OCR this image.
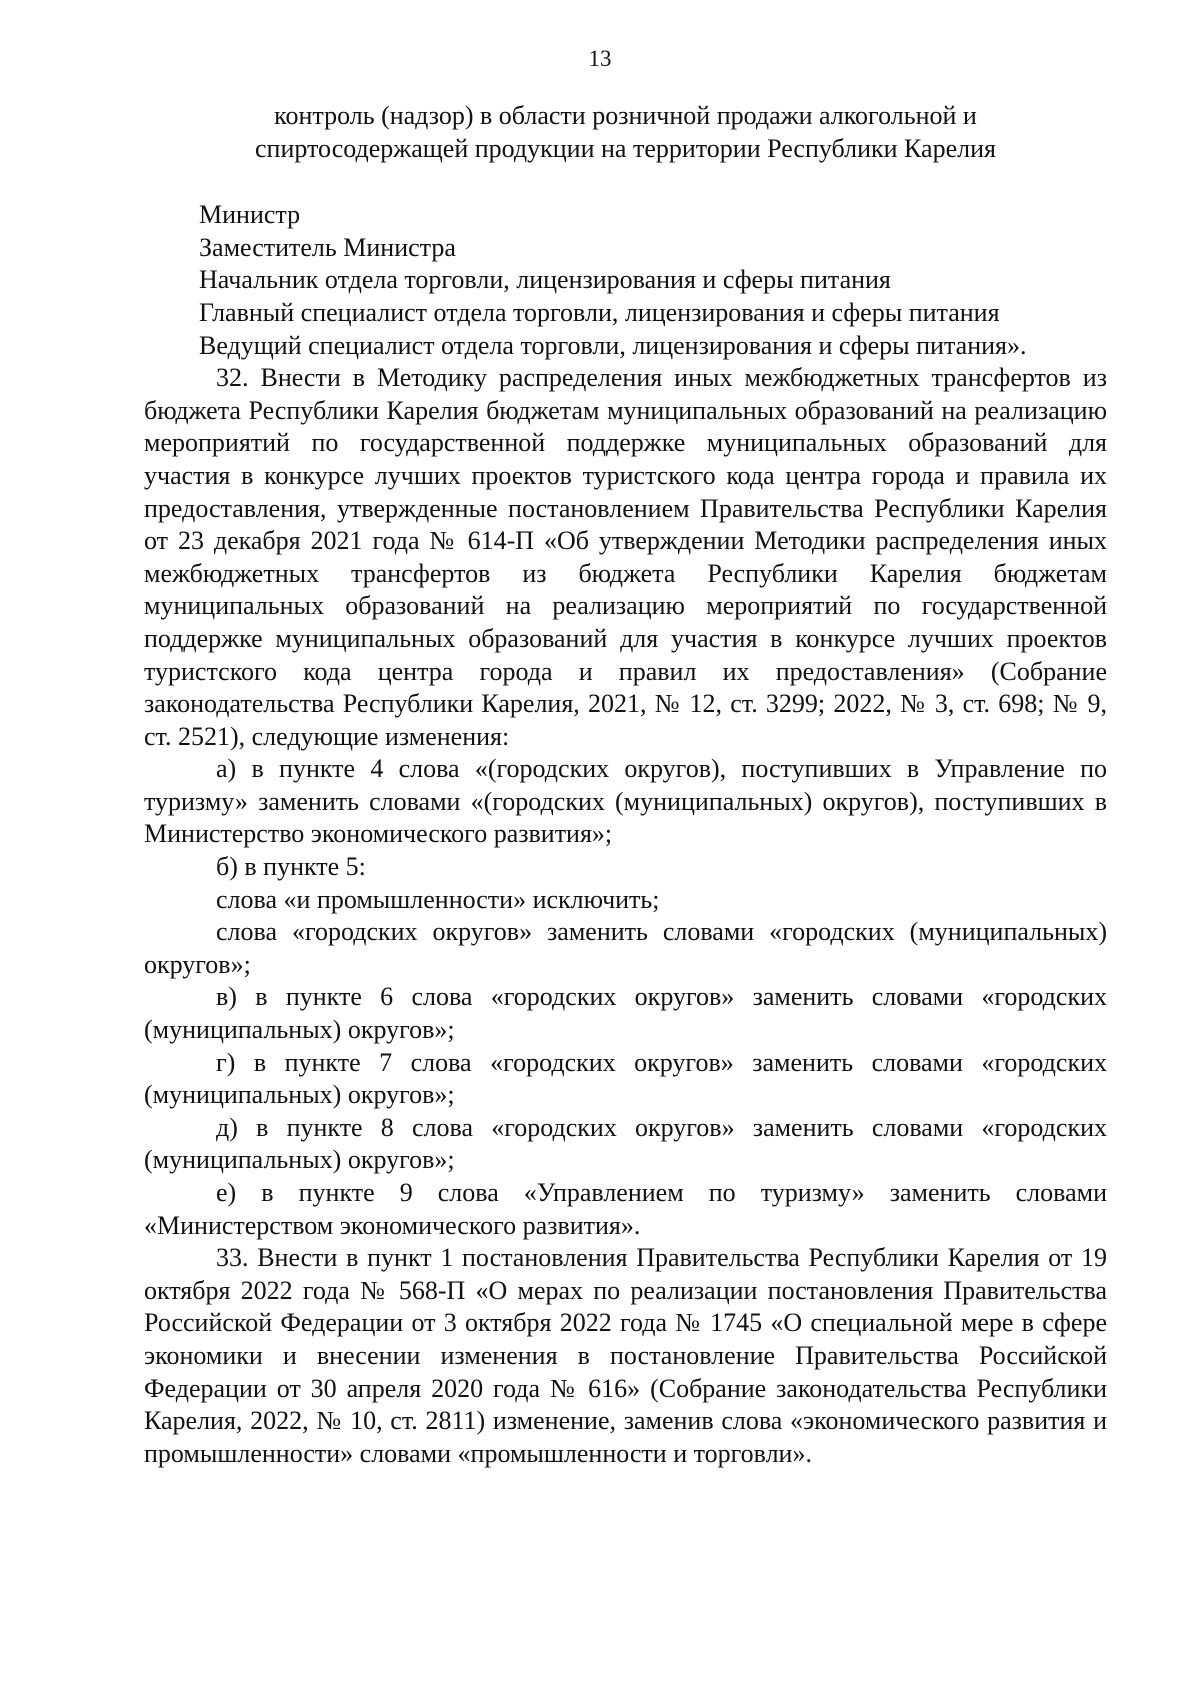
13

контроль (надзор) в области розничной продажи алкогольной и

спиртосодержащей продукции на территории Республики Карелия

Министр

Заместитель Министра

Начальник отдела торговли, лицензирования и сферы питания

Главный специалист отдела торговли, лицензирования и сферы питания

Ведущий специалист отдела торговли, лицензирования и сферы питания».

32. Внести в Методику распределения иных межбюджетных трансфертов из бюджета Республики Карелия бюджетам муниципальных образований на реализацию мероприятий по государственной поддержке муниципальных образований для участия в конкурсе лучших проектов туристского кода центра города и правила их предоставления, утвержденные постановлением Правительства Республики Карелия от 23 декабря 2021 года № 614-П «Об утверждении Методики распределения иных межбюджетных трансфертов из бюджета Республики Карелия бюджетам муниципальных образований на реализацию мероприятий по государственной поддержке муниципальных образований для участия в конкурсе лучших проектов туристского кода центра города и правил их предоставления» (Собрание законодательства Республики Карелия, 2021, № 12, ст. 3299; 2022, № 3, ст. 698; № 9, ст. 2521), следующие изменения:

а) в пункте 4 слова «(городских округов), поступивших в Управление по туризму» заменить словами «(городских (муниципальных) округов), поступивших в Министерство экономического развития»;

б) в пункте 5:

слова «и промышленности» исключить;

слова «городских округов» заменить словами «городских (муниципальных) округов»;

в) в пункте 6 слова «городских округов» заменить словами «городских (муниципальных) округов»;

г) в пункте 7 слова «городских округов» заменить словами «городских (муниципальных) округов»;

д) в пункте 8 слова «городских округов» заменить словами «городских (муниципальных) округов»;

е) в пункте 9 слова «Управлением по туризму» заменить словами «Министерством экономического развития».

33. Внести в пункт 1 постановления Правительства Республики Карелия от 19 октября 2022 года № 568-П «О мерах по реализации постановления Правительства Российской Федерации от 3 октября 2022 года № 1745 «О специальной мере в сфере экономики и внесении изменения в постановление Правительства Российской Федерации от 30 апреля 2020 года № 616» (Собрание законодательства Республики Карелия, 2022, № 10, ст. 2811) изменение, заменив слова «экономического развития и промышленности» словами «промышленности и торговли».
